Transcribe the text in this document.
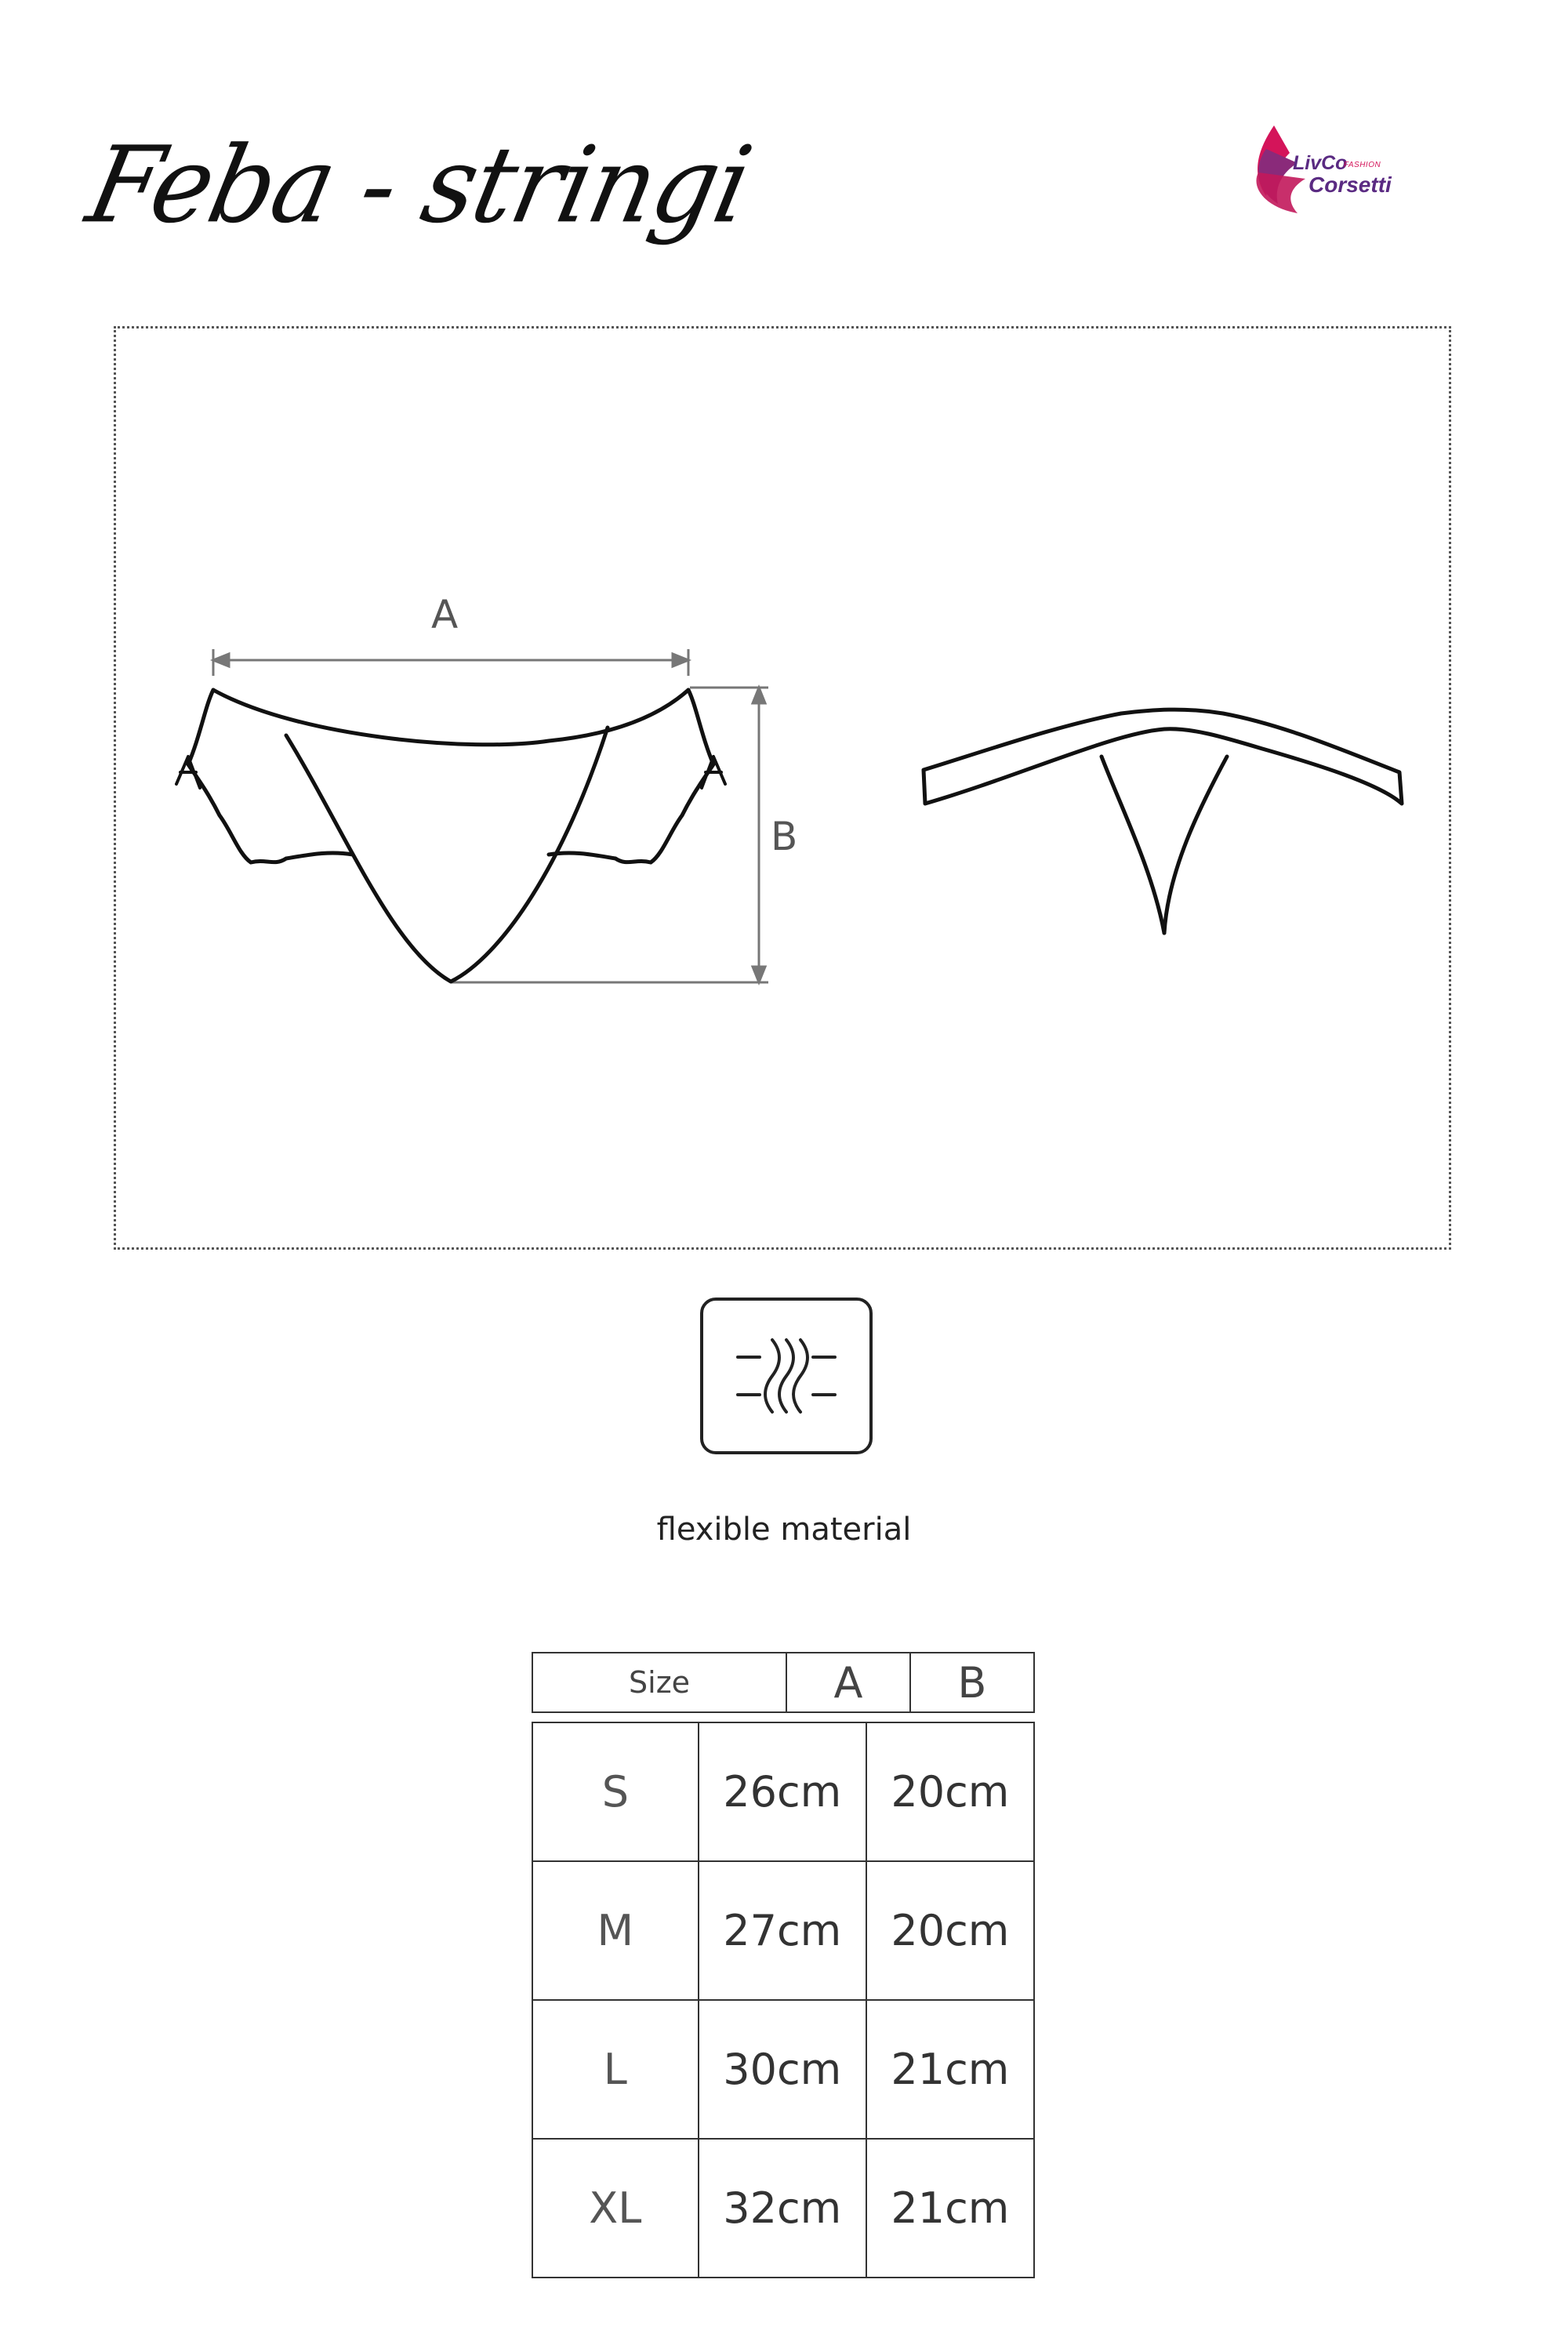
Feba - stringi	LivCo
FASHION
Corsetti
A
B
flexible material
Size	A	B
S	26cm	20cm
M	27cm	20cm
L	30cm	21cm
XL	32cm	21cm
